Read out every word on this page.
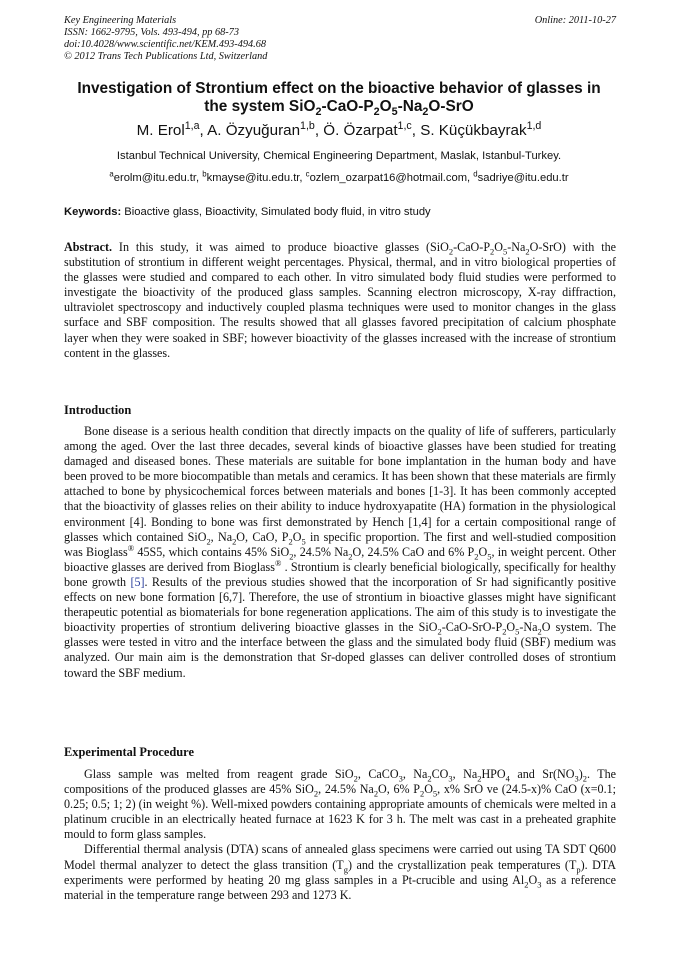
Key Engineering Materials
ISSN: 1662-9795, Vols. 493-494, pp 68-73
doi:10.4028/www.scientific.net/KEM.493-494.68
© 2012 Trans Tech Publications Ltd, Switzerland
Online: 2011-10-27
Investigation of Strontium effect on the bioactive behavior of glasses in
the system $SiO_2-CaO-P_2O_5-Na_2O$-SrO
M. Erol$^{1,a}$, A. Özyuğuran$^{1,b}$, Ö. Özarpat$^{1,c}$, S. Küçükbayrak$^{1,d}$
Istanbul Technical University, Chemical Engineering Department, Maslak, Istanbul-Turkey.
$^a$erolm@itu.edu.tr, $^b$kmayse@itu.edu.tr, $^c$ozlem_ozarpat16@hotmail.com, $^d$sadriye@itu.edu.tr
Keywords: Bioactive glass, Bioactivity, Simulated body fluid, in vitro study

Abstract. In this study, it was aimed to produce bioactive glasses $(SiO_2-CaO-P_2O_5-Na_2O-SrO)$ with the substitution of strontium in different weight percentages. Physical, thermal, and in vitro biological properties of the glasses were studied and compared to each other. In vitro simulated body fluid studies were performed to investigate the bioactivity of the produced glass samples. Scanning electron microscopy, X-ray diffraction, ultraviolet spectroscopy and inductively coupled plasma techniques were used to monitor changes in the glass surface and SBF composition. The results showed that all glasses favored precipitation of calcium phosphate layer when they were soaked in SBF; however bioactivity of the glasses increased with the increase of strontium content in the glasses.

Introduction

Bone disease is a serious health condition that directly impacts on the quality of life of sufferers, particularly among the aged. Over the last three decades, several kinds of bioactive glasses have been studied for treating damaged and diseased bones. These materials are suitable for bone implantation in the human body and have been proved to be more biocompatible than metals and ceramics. It has been shown that these materials are firmly attached to bone by physicochemical forces between materials and bones [1-3]. It has been commonly accepted that the bioactivity of glasses relies on their ability to induce hydroxyapatite (HA) formation in the physiological environment [4]. Bonding to bone was first demonstrated by Hench [1,4] for a certain compositional range of glasses which contained SiO$_2$, $Na_2O$, CaO, $P_2O_5$ in specific proportion. The first and well-studied composition was Bioglass® 45S5, which contains 45% SiO$_2$, 24.5% $Na_2O$, 24.5% CaO and 6% $P_2O_5$, in weight percent. Other bioactive glasses are derived from Bioglass® . Strontium is clearly beneficial biologically, specifically for healthy bone growth [5]. Results of the previous studies showed that the incorporation of Sr had significantly positive effects on new bone formation [6,7]. Therefore, the use of strontium in bioactive glasses might have significant therapeutic potential as biomaterials for bone regeneration applications. The aim of this study is to investigate the bioactivity properties of strontium delivering bioactive glasses in the $SiO_2-CaO-SrO-P_2O_5-Na_2O$ system. The glasses were tested in vitro and the interface between the glass and the simulated body fluid (SBF) medium was analyzed. Our main aim is the demonstration that Sr-doped glasses can deliver controlled doses of strontium toward the SBF medium.

Experimental Procedure

Glass sample was melted from reagent grade SiO$_2$, CaCO$_3$, $Na_2CO_3$, $Na_2HPO_4$ and $Sr(NO_3)_2$. The compositions of the produced glasses are 45% SiO$_2$, 24.5% $Na_2O$, 6% $P_2O_5$, x% SrO ve (24.5-x)% CaO (x=0.1; 0.25; 0.5; 1; 2) (in weight %). Well-mixed powders containing appropriate amounts of chemicals were melted in a platinum crucible in an electrically heated furnace at 1623 K for 3 h. The melt was cast in a preheated graphite mould to form glass samples.

Differential thermal analysis (DTA) scans of annealed glass specimens were carried out using TA SDT Q600 Model thermal analyzer to detect the glass transition $(T_g)$ and the crystallization peak temperatures $(T_p)$. DTA experiments were performed by heating 20 mg glass samples in a Pt-crucible and using $Al_2O_3$ as a reference material in the temperature range between 293 and 1273 K.
